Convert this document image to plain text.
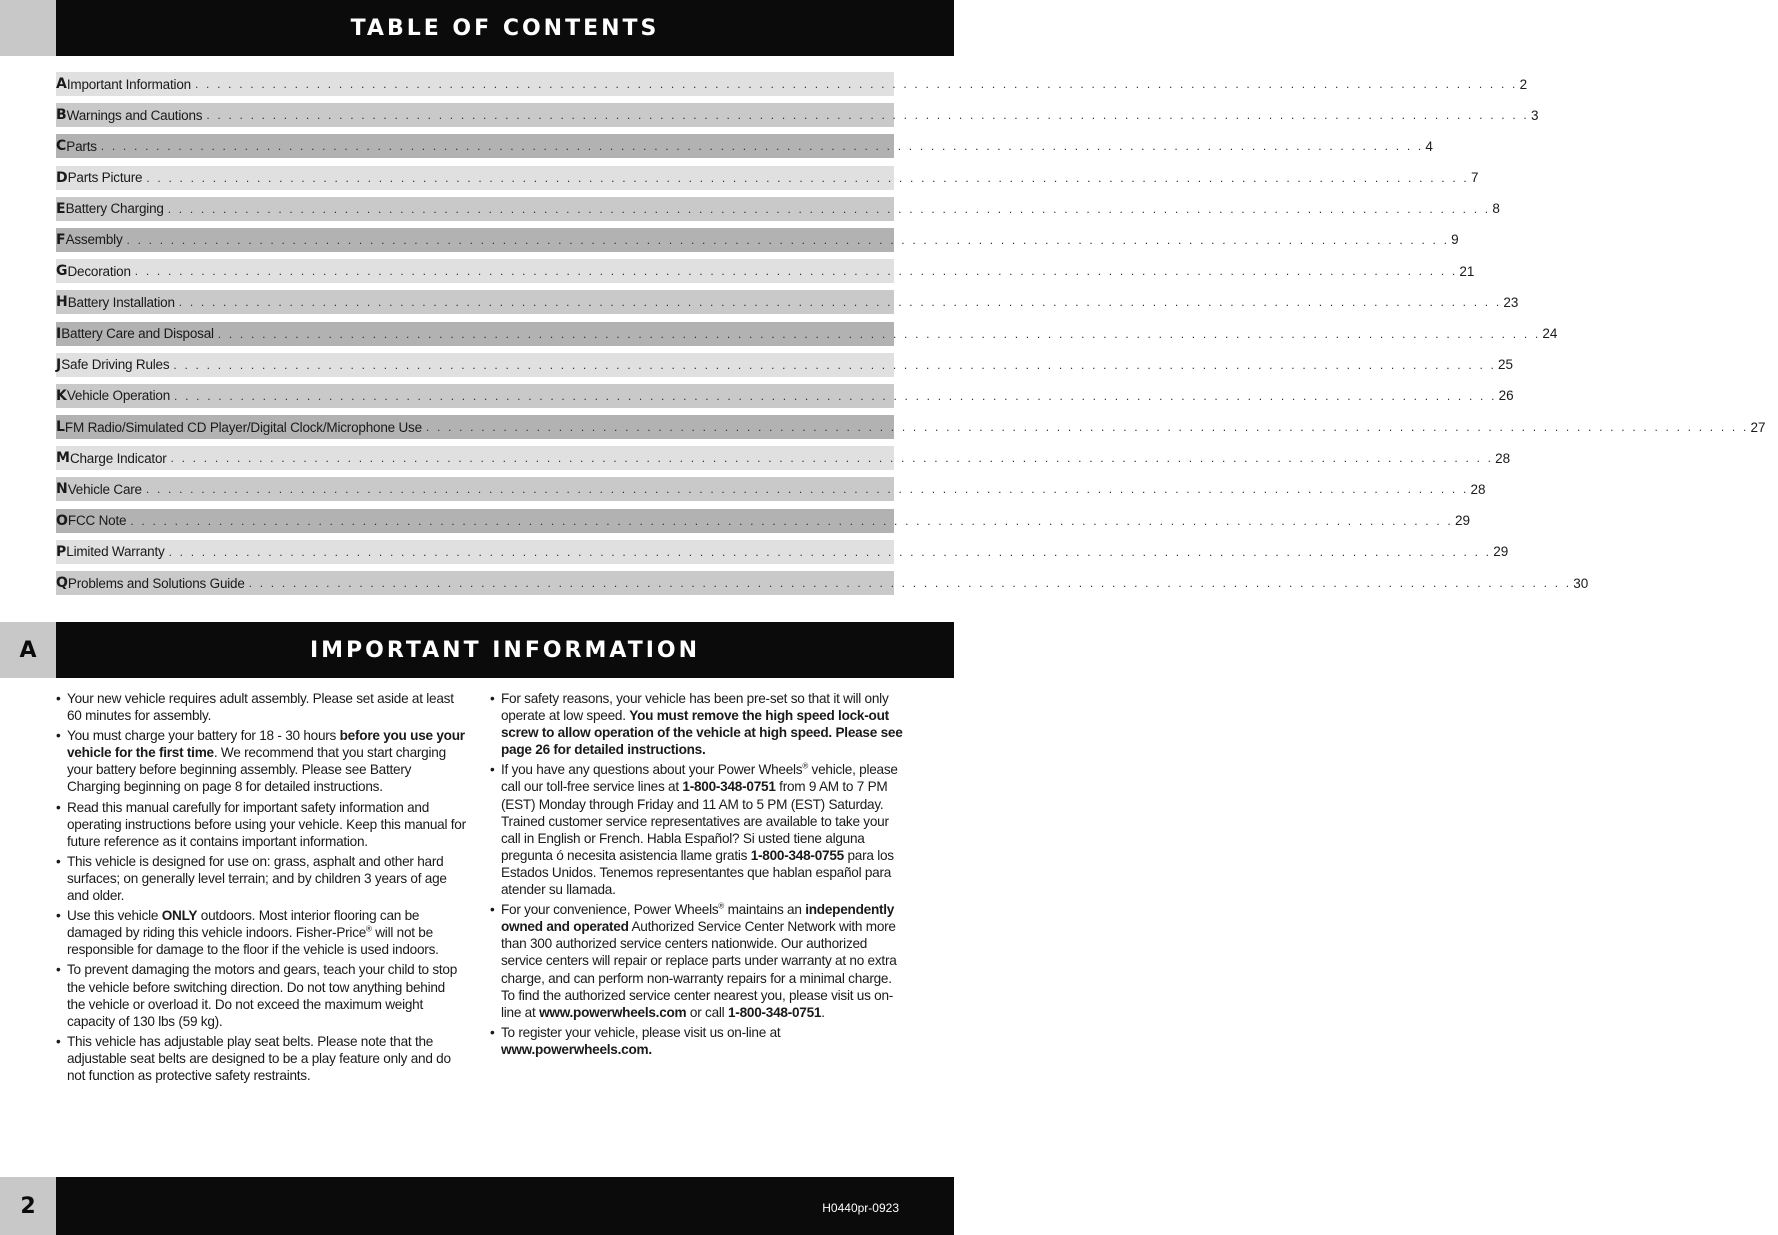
TABLE OF CONTENTS
A Important Information . . . . . . . . . . . . . . . . . . . . . . . . . . . . . . . . . . . . . . . . . . . . . . . . . . . . . . . . . . . . . . . . . . . . . . . . . . . . . . . . . . . . . . . . . . . . . . . . . . . . . . . . . . . . . . . . . . . . . . . . 2
B Warnings and Cautions . . . . . . . . . . . . . . . . . . . . . . . . . . . . . . . . . . . . . . . . . . . . . . . . . . . . . . . . . . . . . . . . . . . . . . . . . . . . . . . . . . . . . . . . . . . . . . . . . . . . . . . . . . . . . . . . . . . . . . . . 3
C Parts . . . . . . . . . . . . . . . . . . . . . . . . . . . . . . . . . . . . . . . . . . . . . . . . . . . . . . . . . . . . . . . . . . . . . . . . . . . . . . . . . . . . . . . . . . . . . . . . . . . . . . . . . . . . . . . . . . . . . . . . 4
D Parts Picture . . . . . . . . . . . . . . . . . . . . . . . . . . . . . . . . . . . . . . . . . . . . . . . . . . . . . . . . . . . . . . . . . . . . . . . . . . . . . . . . . . . . . . . . . . . . . . . . . . . . . . . . . . . . . . . . . . . . . . . . 7
E Battery Charging . . . . . . . . . . . . . . . . . . . . . . . . . . . . . . . . . . . . . . . . . . . . . . . . . . . . . . . . . . . . . . . . . . . . . . . . . . . . . . . . . . . . . . . . . . . . . . . . . . . . . . . . . . . . . . . . . . . . . . . . 8
F Assembly . . . . . . . . . . . . . . . . . . . . . . . . . . . . . . . . . . . . . . . . . . . . . . . . . . . . . . . . . . . . . . . . . . . . . . . . . . . . . . . . . . . . . . . . . . . . . . . . . . . . . . . . . . . . . . . . . . . . . . . . 9
G Decoration . . . . . . . . . . . . . . . . . . . . . . . . . . . . . . . . . . . . . . . . . . . . . . . . . . . . . . . . . . . . . . . . . . . . . . . . . . . . . . . . . . . . . . . . . . . . . . . . . . . . . . . . . . . . . . . . . . . . . . . . 21
H Battery Installation . . . . . . . . . . . . . . . . . . . . . . . . . . . . . . . . . . . . . . . . . . . . . . . . . . . . . . . . . . . . . . . . . . . . . . . . . . . . . . . . . . . . . . . . . . . . . . . . . . . . . . . . . . . . . . . . . . . . . . . . 23
I Battery Care and Disposal . . . . . . . . . . . . . . . . . . . . . . . . . . . . . . . . . . . . . . . . . . . . . . . . . . . . . . . . . . . . . . . . . . . . . . . . . . . . . . . . . . . . . . . . . . . . . . . . . . . . . . . . . . . . . . . . . . . . . . . . 24
J Safe Driving Rules . . . . . . . . . . . . . . . . . . . . . . . . . . . . . . . . . . . . . . . . . . . . . . . . . . . . . . . . . . . . . . . . . . . . . . . . . . . . . . . . . . . . . . . . . . . . . . . . . . . . . . . . . . . . . . . . . . . . . . . . 25
K Vehicle Operation . . . . . . . . . . . . . . . . . . . . . . . . . . . . . . . . . . . . . . . . . . . . . . . . . . . . . . . . . . . . . . . . . . . . . . . . . . . . . . . . . . . . . . . . . . . . . . . . . . . . . . . . . . . . . . . . . . . . . . . . 26
L FM Radio/Simulated CD Player/Digital Clock/Microphone Use . . . . . . . . . . . . . . . . . . . . . . . . . . . . . . . . . . . . . . . . . . . . . . . . . . . . . . . . . . . . . . . . . . . . . . . . . . . . . . . . . . . . . . . . . . . . . . . . . . . . . . . . . . . . . . . . . . . . . . . . 27
M Charge Indicator . . . . . . . . . . . . . . . . . . . . . . . . . . . . . . . . . . . . . . . . . . . . . . . . . . . . . . . . . . . . . . . . . . . . . . . . . . . . . . . . . . . . . . . . . . . . . . . . . . . . . . . . . . . . . . . . . . . . . . . . 28
N Vehicle Care . . . . . . . . . . . . . . . . . . . . . . . . . . . . . . . . . . . . . . . . . . . . . . . . . . . . . . . . . . . . . . . . . . . . . . . . . . . . . . . . . . . . . . . . . . . . . . . . . . . . . . . . . . . . . . . . . . . . . . . . 28
O FCC Note . . . . . . . . . . . . . . . . . . . . . . . . . . . . . . . . . . . . . . . . . . . . . . . . . . . . . . . . . . . . . . . . . . . . . . . . . . . . . . . . . . . . . . . . . . . . . . . . . . . . . . . . . . . . . . . . . . . . . . . . 29
P Limited Warranty . . . . . . . . . . . . . . . . . . . . . . . . . . . . . . . . . . . . . . . . . . . . . . . . . . . . . . . . . . . . . . . . . . . . . . . . . . . . . . . . . . . . . . . . . . . . . . . . . . . . . . . . . . . . . . . . . . . . . . . . 29
Q Problems and Solutions Guide . . . . . . . . . . . . . . . . . . . . . . . . . . . . . . . . . . . . . . . . . . . . . . . . . . . . . . . . . . . . . . . . . . . . . . . . . . . . . . . . . . . . . . . . . . . . . . . . . . . . . . . . . . . . . . . . . . . . . . . . 30
A	IMPORTANT INFORMATION
• Your new vehicle requires adult assembly. Please set aside at least 60 minutes for assembly.
• You must charge your battery for 18 - 30 hours before you use your vehicle for the first time. We recommend that you start charging your battery before beginning assembly. Please see Battery Charging beginning on page 8 for detailed instructions.
• Read this manual carefully for important safety information and operating instructions before using your vehicle. Keep this manual for future reference as it contains important information.
• This vehicle is designed for use on: grass, asphalt and other hard surfaces; on generally level terrain; and by children 3 years of age and older.
• Use this vehicle ONLY outdoors. Most interior flooring can be damaged by riding this vehicle indoors. Fisher-Price® will not be responsible for damage to the floor if the vehicle is used indoors.
• To prevent damaging the motors and gears, teach your child to stop the vehicle before switching direction. Do not tow anything behind the vehicle or overload it. Do not exceed the maximum weight capacity of 130 lbs (59 kg).
• This vehicle has adjustable play seat belts. Please note that the adjustable seat belts are designed to be a play feature only and do not function as protective safety restraints.
• For safety reasons, your vehicle has been pre-set so that it will only operate at low speed. You must remove the high speed lock-out screw to allow operation of the vehicle at high speed. Please see page 26 for detailed instructions.
• If you have any questions about your Power Wheels® vehicle, please call our toll-free service lines at 1-800-348-0751 from 9 AM to 7 PM (EST) Monday through Friday and 11 AM to 5 PM (EST) Saturday. Trained customer service representatives are available to take your call in English or French. Habla Español? Si usted tiene alguna pregunta ó necesita asistencia llame gratis 1-800-348-0755 para los Estados Unidos. Tenemos representantes que hablan español para atender su llamada.
• For your convenience, Power Wheels® maintains an independently owned and operated Authorized Service Center Network with more than 300 authorized service centers nationwide. Our authorized service centers will repair or replace parts under warranty at no extra charge, and can perform non-warranty repairs for a minimal charge. To find the authorized service center nearest you, please visit us on-line at www.powerwheels.com or call 1-800-348-0751.
• To register your vehicle, please visit us on-line at www.powerwheels.com.
2	H0440pr-0923
